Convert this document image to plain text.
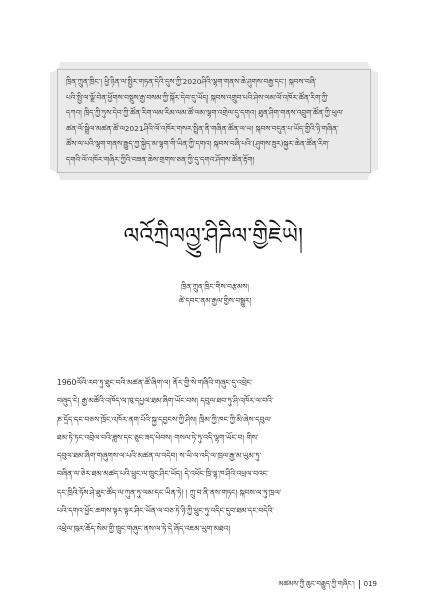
ཁྲིན་ཀྲུན་ཁྲིང་། ཕྱི་ཉིན་ལ་སྤྱིར་གཏན་དེའི་དུས་ཀྱི་2020ཤིའི་ལྷག་གནས་ཆེ་ཤུགས་བརྒྱ་དང་། སྐབས་བཞི་

པའི་སྤྱི་ལ་ལྗོ་བེན་ཕྱོགས་བསྡུས་རྒྱ་བསམ་ཀྱི་སྐོར་དེབ་དུ་ཡོད། སྐབས་འགྲུབ་པའི་ཤེས་ལམ་ལོ་འཁོར་ཚོན་རིག་ཀྱི་

དཀའ། ཁྲིད་ཀྱི་ཏུས་དེབ་ཀྱི་ཚོན་རིག་ལམ་རིམ་ལམ་ཚོ་ལམ་ལྷག་འགྲེལ་དུ་དགའ། ཐུན་ཤིག་གནས་འབྲུག་ཚོན་ཀྱི་ཡུལ་

ཚན་ལོ་སྒྲིལ་མཚན་ཚོ་ལ2021ཤིའི་ལོ་འཁོར་གསར་སྤྲིན་ནི་གཞིན་ཚོན་ལ་ཡ། སྐབས་བདུན་པ་ཡོད་གྱིའི་ཉི་གཞིན་

ཚོས་ལ་པའི་ལྷག་གནས་རྒྱུད་ཀྱ་སྐྱེད་མ་ལྷག་གི་ཡིན་ཀྱི་དགའ། སྐབས་བཞི་པའི་(ཤུགས་ཟུར)སྐྱར་ཆེན་ཚོན་རིག་

དགའི་ལོ་འཁོར་གཞིར་ཀྱིའི་བཟན་ཆེས་གྲགས་ཅན་ཀྱི་དུ་དགའ་ཤོགས་ཚོན་རྟོག།

ལའོཀྲིལལྱུ་ཤིཌིལ་གྱིཇེཡེ།
ཁྲིན་ཀྲུན་ཁྲིང་གིས་བརྩམས།
ཚེ་དབང་ནམ་རྒྱལ་གྱིས་བསྒྱུར།

1960ལོའི་རབ་ཏུ་ཐུང་བའི་མཚན་ཚོ་ཞིག་ལ། ནོར་གྱི་སེ་གཞིའི་གཞུང་དུ་འབྲེང་

བཞུད་ངེ། རྒྱ་མཚོའི་འཁོད་ལ་ཁུ་དཔྱལ་ཐམ་ཞིག་ཡོང་བས། དབུལ་ཐབ་ཏུ་ཤི་འཁོར་ལ་བའི་

ཎ་དྲོད་དང་བཅས་ཁྲོང་འཁོར་ནག་པོའི་སྐྱ་དབྱངས་ཀྱི་ཤིས། ཁྲིམ་ཀྱི་ཁང་ཀྱི་མི་ཞེས་དབུལ་

ཐམ་ཏེ་ཏང་འབྲེལ་བའི་ཟླས་དང་ཅུང་ཟད་ཕེབས། གསལ་ཏེ་ཏུ་འདི་ལྷག་ཡོང་བ། གིས་

དབུལ་ཐམ་ཞིག་གཞུགས་ལ་པའི་མཚན་ལ་འདེབ། ས་ཡི་ལ་འདི་ལ་ཁྲལ་རྒྱ་མ་ཡུམ་ཏུ་

བཞིན་ལ་ཅེར་ཐམ་མཚད་པའི་ཕྲུང་ལ་ཁྲུང་ཤིང་ཡོད། དེ་འཕོང་ཁྲི་ལྷ་ཁ་ཤིའི་འཕྲལ་བའང་

དང་ཁྲིའི་ཏོས་ཤེ་ཐུང་ཚོད་ལ་ཀུན་ཏུ་ལམ་དང་ཡིན་ཏེ། ། ཀྲུ་བ་ནི་ནས་གཏང། སྐབས་ལ་ཏུ་ཁྲལ་

པའི་དགའ་ཕྱོང་ཆགས་ལྟར་ལྟར་ཤིང་ཡོན་ལ་བཅ་ཏེ་ཉི་ཀྱི་ཕྲུང་ཏུ་འདིང་དུབ་ཐམ་དང་བདེའི་

འཕྲེལ་ཁུར་ཆོད་སེམ་གྱི་ཁྲུང་གཞུང་ནས་ལ་ཏེ་དེ་ཞོད་འཇམ་ཡུག་མཐའ།

མཚམས་ཀྱི་ཆུང་བརྒྱུད་ཀྱི་གཞིང་། 019
